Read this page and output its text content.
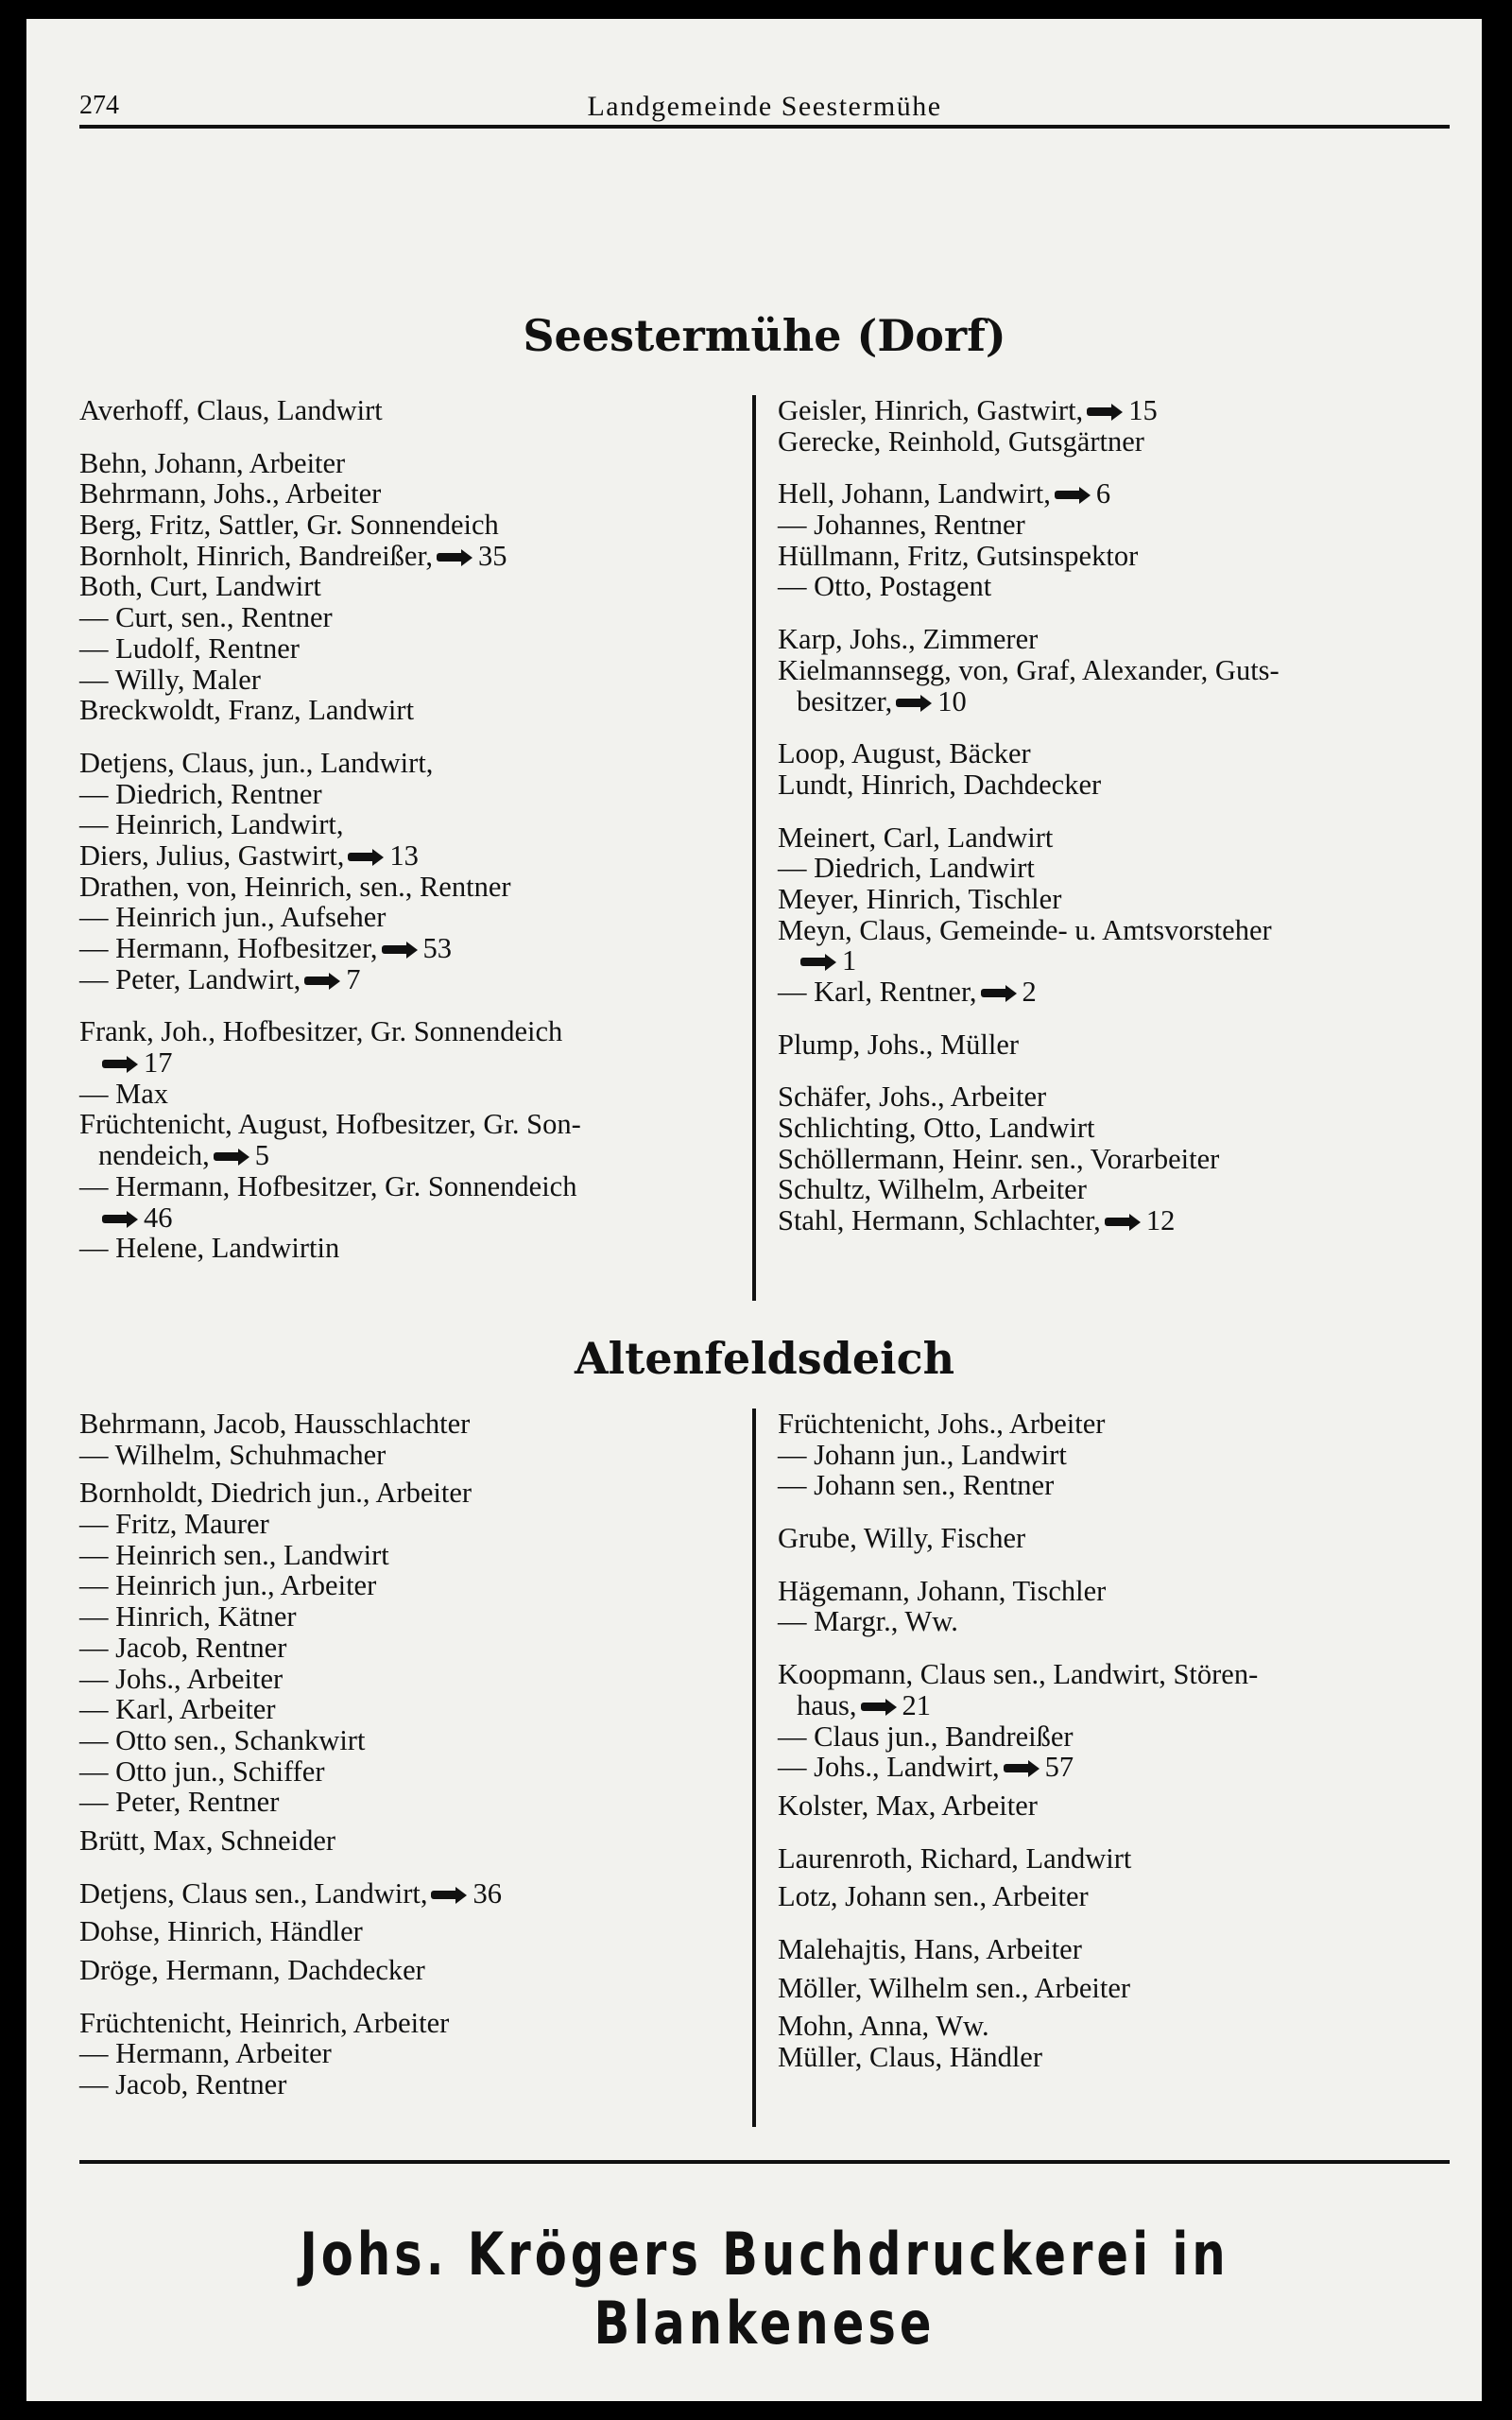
274	Landgemeinde Seestermühe
Seestermühe (Dorf)
Averhoff, Claus, Landwirt
Behn, Johann, Arbeiter
Behrmann, Johs., Arbeiter
Berg, Fritz, Sattler, Gr. Sonnendeich
Bornholt, Hinrich, Bandreißer, 35
Both, Curt, Landwirt
— Curt, sen., Rentner
— Ludolf, Rentner
— Willy, Maler
Breckwoldt, Franz, Landwirt
Detjens, Claus, jun., Landwirt,
— Diedrich, Rentner
— Heinrich, Landwirt,
Diers, Julius, Gastwirt, 13
Drathen, von, Heinrich, sen., Rentner
— Heinrich jun., Aufseher
— Hermann, Hofbesitzer, 53
— Peter, Landwirt, 7
Frank, Joh., Hofbesitzer, Gr. Sonnendeich
17
— Max
Früchtenicht, August, Hofbesitzer, Gr. Son-
nendeich, 5
— Hermann, Hofbesitzer, Gr. Sonnendeich
46
— Helene, Landwirtin
Geisler, Hinrich, Gastwirt, 15
Gerecke, Reinhold, Gutsgärtner
Hell, Johann, Landwirt, 6
— Johannes, Rentner
Hüllmann, Fritz, Gutsinspektor
— Otto, Postagent
Karp, Johs., Zimmerer
Kielmannsegg, von, Graf, Alexander, Guts-
besitzer, 10
Loop, August, Bäcker
Lundt, Hinrich, Dachdecker
Meinert, Carl, Landwirt
— Diedrich, Landwirt
Meyer, Hinrich, Tischler
Meyn, Claus, Gemeinde- u. Amtsvorsteher
1
— Karl, Rentner, 2
Plump, Johs., Müller
Schäfer, Johs., Arbeiter
Schlichting, Otto, Landwirt
Schöllermann, Heinr. sen., Vorarbeiter
Schultz, Wilhelm, Arbeiter
Stahl, Hermann, Schlachter, 12
Altenfeldsdeich
Behrmann, Jacob, Hausschlachter
— Wilhelm, Schuhmacher
Bornholdt, Diedrich jun., Arbeiter
— Fritz, Maurer
— Heinrich sen., Landwirt
— Heinrich jun., Arbeiter
— Hinrich, Kätner
— Jacob, Rentner
— Johs., Arbeiter
— Karl, Arbeiter
— Otto sen., Schankwirt
— Otto jun., Schiffer
— Peter, Rentner
Brütt, Max, Schneider
Detjens, Claus sen., Landwirt, 36
Dohse, Hinrich, Händler
Dröge, Hermann, Dachdecker
Früchtenicht, Heinrich, Arbeiter
— Hermann, Arbeiter
— Jacob, Rentner
Früchtenicht, Johs., Arbeiter
— Johann jun., Landwirt
— Johann sen., Rentner
Grube, Willy, Fischer
Hägemann, Johann, Tischler
— Margr., Ww.
Koopmann, Claus sen., Landwirt, Stören-
haus, 21
— Claus jun., Bandreißer
— Johs., Landwirt, 57
Kolster, Max, Arbeiter
Laurenroth, Richard, Landwirt
Lotz, Johann sen., Arbeiter
Malehajtis, Hans, Arbeiter
Möller, Wilhelm sen., Arbeiter
Mohn, Anna, Ww.
Müller, Claus, Händler
Johs. Krögers Buchdruckerei in Blankenese
